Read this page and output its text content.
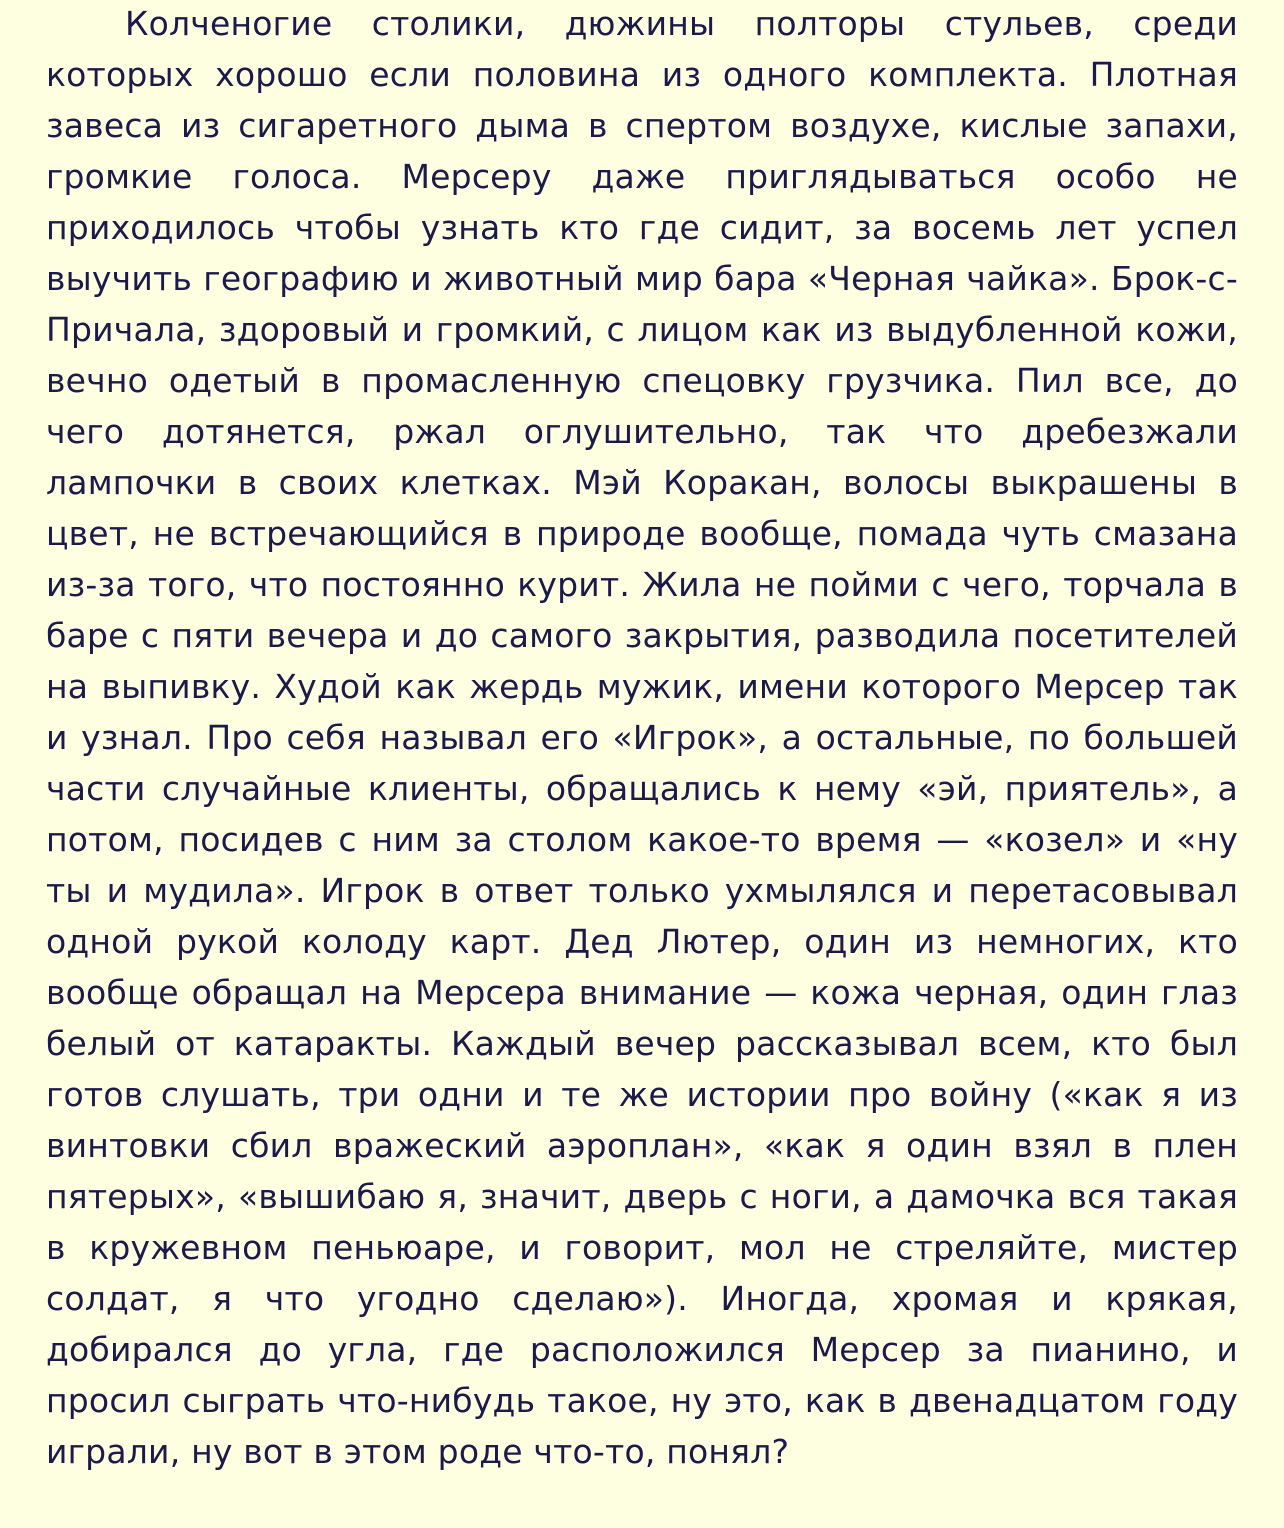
Колченогие столики, дюжины полторы стульев, среди которых хорошо если половина из одного комплекта. Плотная завеса из сигаретного дыма в спертом воздухе, кислые запахи, громкие голоса. Мерсеру даже приглядываться особо не приходилось чтобы узнать кто где сидит, за восемь лет успел выучить географию и животный мир бара «Черная чайка». Брок-с-Причала, здоровый и громкий, с лицом как из выдубленной кожи, вечно одетый в промасленную спецовку грузчика. Пил все, до чего дотянется, ржал оглушительно, так что дребезжали лампочки в своих клетках. Мэй Коракан, волосы выкрашены в цвет, не встречающийся в природе вообще, помада чуть смазана из-за того, что постоянно курит. Жила не пойми с чего, торчала в баре с пяти вечера и до самого закрытия, разводила посетителей на выпивку. Худой как жердь мужик, имени которого Мерсер так и узнал. Про себя называл его «Игрок», а остальные, по большей части случайные клиенты, обращались к нему «эй, приятель», а потом, посидев с ним за столом какое-то время — «козел» и «ну ты и мудила». Игрок в ответ только ухмылялся и перетасовывал одной рукой колоду карт. Дед Лютер, один из немногих, кто вообще обращал на Мерсера внимание — кожа черная, один глаз белый от катаракты. Каждый вечер рассказывал всем, кто был готов слушать, три одни и те же истории про войну («как я из винтовки сбил вражеский аэроплан», «как я один взял в плен пятерых», «вышибаю я, значит, дверь с ноги, а дамочка вся такая в кружевном пеньюаре, и говорит, мол не стреляйте, мистер солдат, я что угодно сделаю»). Иногда, хромая и крякая, добирался до угла, где расположился Мерсер за пианино, и просил сыграть что-нибудь такое, ну это, как в двенадцатом году играли, ну вот в этом роде что-то, понял?
